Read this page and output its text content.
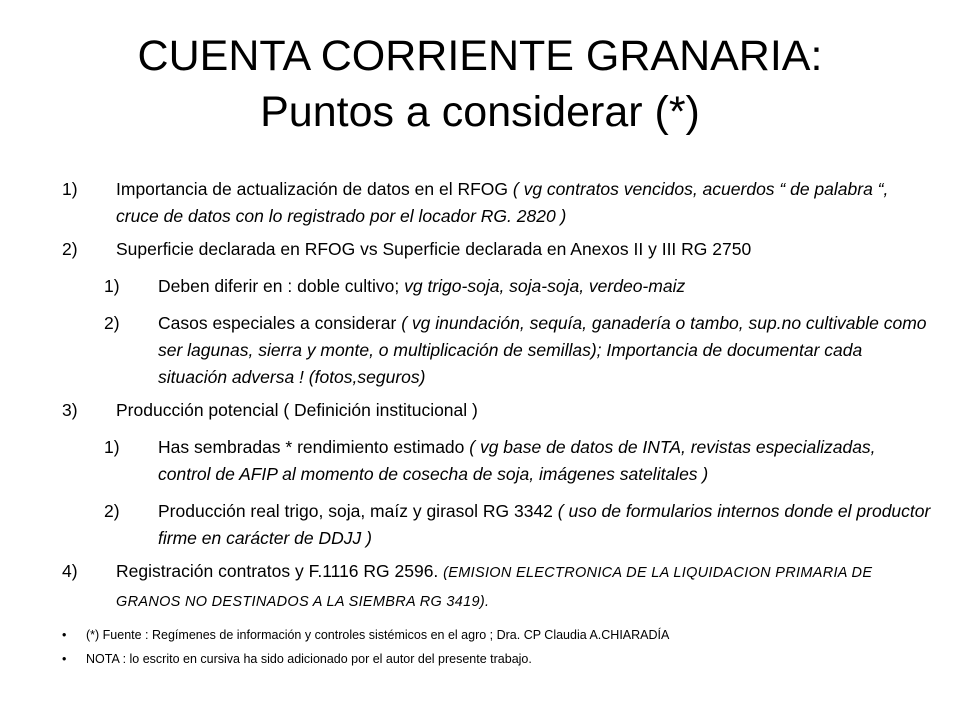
CUENTA CORRIENTE GRANARIA:
Puntos a considerar (*)
1) Importancia de actualización de datos en el RFOG ( vg contratos vencidos, acuerdos “ de palabra “, cruce de datos con lo registrado por el locador RG. 2820 )
2) Superficie declarada en RFOG vs Superficie declarada en Anexos II y III RG 2750
1) Deben diferir en : doble cultivo; vg trigo-soja, soja-soja, verdeo-maiz
2) Casos especiales a considerar ( vg inundación, sequía, ganadería o tambo, sup.no cultivable como ser lagunas, sierra y monte, o multiplicación de semillas); Importancia de documentar cada situación adversa ! (fotos,seguros)
3) Producción potencial ( Definición institucional )
1) Has sembradas * rendimiento estimado ( vg base de datos de INTA, revistas especializadas, control de AFIP al momento de cosecha de soja, imágenes satelitales )
2) Producción real trigo, soja, maíz y girasol RG 3342 ( uso de formularios internos donde el productor firme en carácter de DDJJ )
4) Registración contratos y F.1116 RG 2596. (EMISION ELECTRONICA DE LA LIQUIDACION PRIMARIA DE GRANOS NO DESTINADOS A LA SIEMBRA RG 3419).
• (*) Fuente : Regímenes de información y controles sistémicos en el agro ; Dra. CP Claudia A.CHIARADÍA
• NOTA : lo escrito en cursiva ha sido adicionado por el autor del presente trabajo.
